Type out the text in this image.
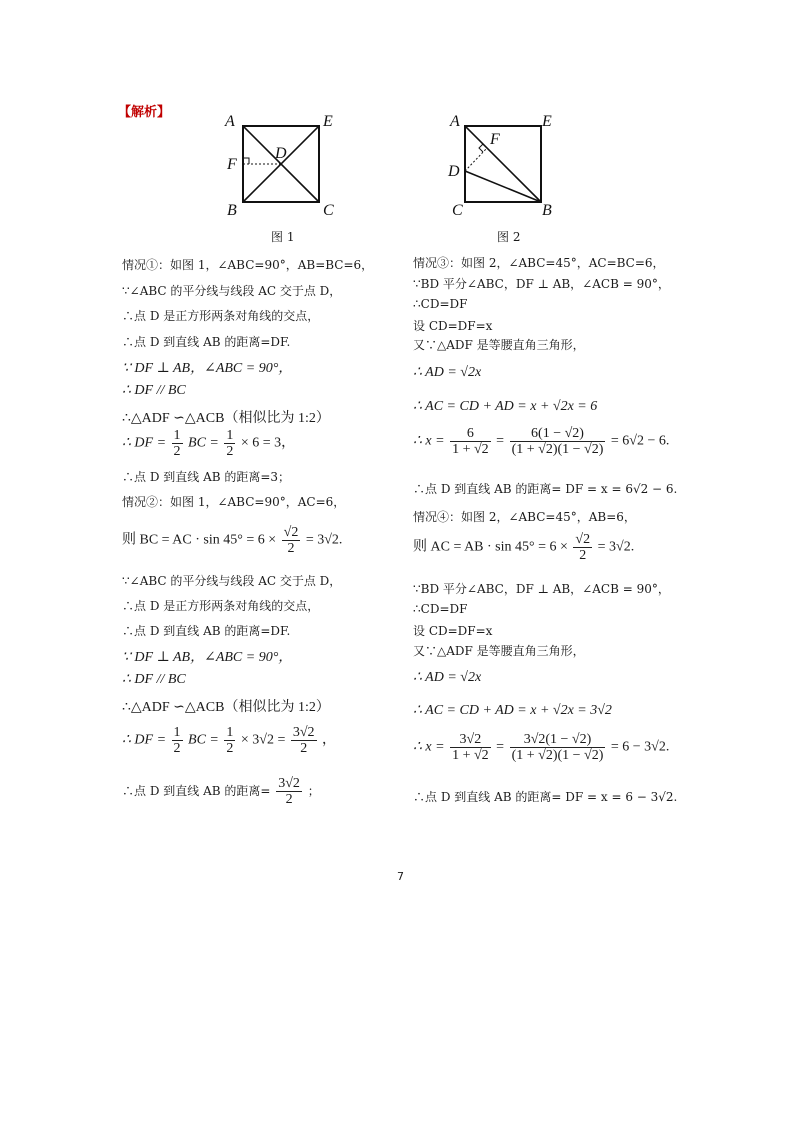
【解析】
A	E
B	C
D
F
图 1
A	E
C	B
D
F
图 2
情况①：如图 1，∠ABC=90°，AB=BC=6，
∵∠ABC 的平分线与线段 AC 交于点 D，
∴点 D 是正方形两条对角线的交点，
∴点 D 到直线 AB 的距离=DF.
∵ DF ⊥ AB，∠ABC = 90°，
∴ DF // BC
∴△ADF ∽△ACB（相似比为 1:2）
∴ DF = $\frac{1}{2}$ BC = $\frac{1}{2} \times 6 = 3$，
∴点 D 到直线 AB 的距离=3；
情况②：如图 1，∠ABC=90°，AC=6，
则 BC = AC · $\sin 45^\circ = 6 \times \frac{√2}{2} = 3√2$.
∵∠ABC 的平分线与线段 AC 交于点 D，
∴点 D 是正方形两条对角线的交点，
∴点 D 到直线 AB 的距离=DF.
∵ DF ⊥ AB，∠ABC = 90°，
∴ DF // BC
∴△ADF ∽△ACB（相似比为 1:2）
∴ DF = $\frac{1}{2}$ BC = $\frac{1}{2} \times 3√2 = \frac{3√2}{2}$ ，
∴点 D 到直线 AB 的距离= $\frac{3√2}{2}$ ；
情况③：如图 2，∠ABC=45°，AC=BC=6，
∵BD 平分∠ABC，DF ⊥ AB，∠ACB = 90°，
∴CD=DF
设 CD=DF=x
又∵△ADF 是等腰直角三角形，
∴ AD = √2x
∴ AC = CD + AD = x + √2x = 6
∴ $x = \frac{6}{1 + √2} = \frac{6(1 - √2)}{(1 + √2)(1 - √2)} = 6√2 - 6$.
∴点 D 到直线 AB 的距离= DF = x = 6√2 − 6.
情况④：如图 2，∠ABC=45°，AB=6，
则 AC = AB · $\sin 45^\circ = 6 \times \frac{√2}{2} = 3√2$.
∵BD 平分∠ABC，DF ⊥ AB，∠ACB = 90°，
∴CD=DF
设 CD=DF=x
又∵△ADF 是等腰直角三角形，
∴ AD = √2x
∴ AC = CD + AD = x + √2x = 3√2
∴ $x = \frac{3√2}{1 + √2} = \frac{3√2(1 - √2)}{(1 + √2)(1 - √2)} = 6 - 3√2$.
∴点 D 到直线 AB 的距离= DF = x = 6 − 3√2.
7
